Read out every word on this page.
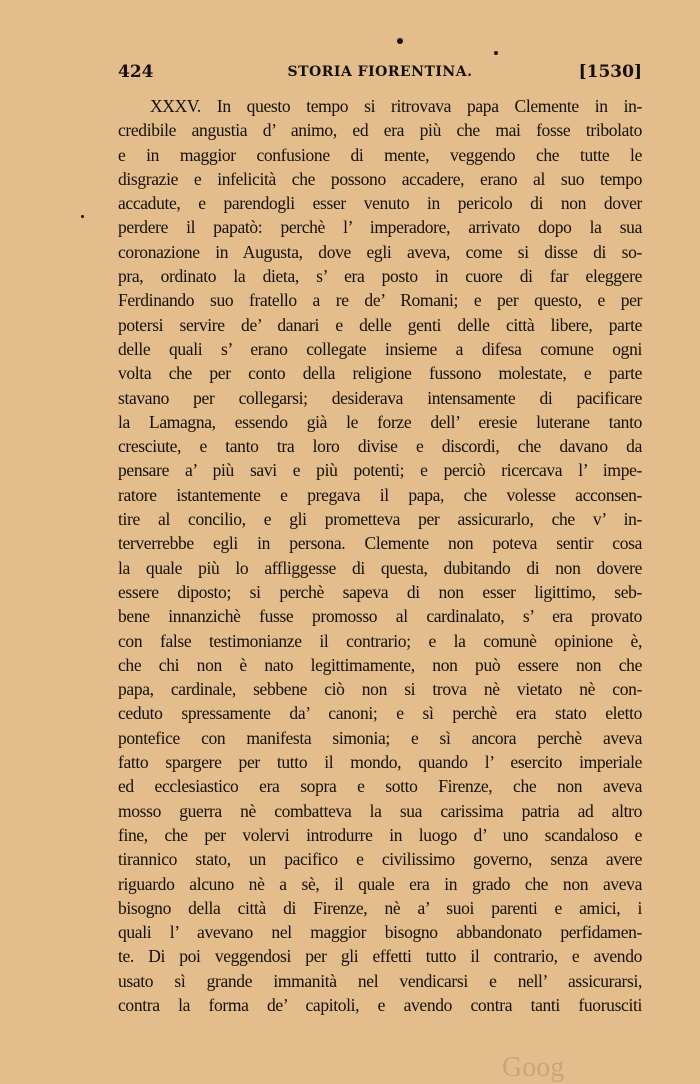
424	STORIA FIORENTINA.	[1530]
XXXV. In questo tempo si ritrovava papa Clemente in in-
credibile angustia d’ animo, ed era più che mai fosse tribolato
e in maggior confusione di mente, veggendo che tutte le
disgrazie e infelicità che possono accadere, erano al suo tempo
accadute, e parendogli esser venuto in pericolo di non dover
perdere il papatò: perchè l’ imperadore, arrivato dopo la sua
coronazione in Augusta, dove egli aveva, come si disse di so-
pra, ordinato la dieta, s’ era posto in cuore di far eleggere
Ferdinando suo fratello a re de’ Romani; e per questo, e per
potersi servire de’ danari e delle genti delle città libere, parte
delle quali s’ erano collegate insieme a difesa comune ogni
volta che per conto della religione fussono molestate, e parte
stavano per collegarsi; desiderava intensamente di pacificare
la Lamagna, essendo già le forze dell’ eresie luterane tanto
cresciute, e tanto tra loro divise e discordi, che davano da
pensare a’ più savi e più potenti; e perciò ricercava l’ impe-
ratore istantemente e pregava il papa, che volesse acconsen-
tire al concilio, e gli prometteva per assicurarlo, che v’ in-
terverrebbe egli in persona. Clemente non poteva sentir cosa
la quale più lo affliggesse di questa, dubitando di non dovere
essere diposto; si perchè sapeva di non esser ligittimo, seb-
bene innanzichè fusse promosso al cardinalato, s’ era provato
con false testimonianze il contrario; e la comunè opinione è,
che chi non è nato legittimamente, non può essere non che
papa, cardinale, sebbene ciò non si trova nè vietato nè con-
ceduto spressamente da’ canoni; e sì perchè era stato eletto
pontefice con manifesta simonia; e sì ancora perchè aveva
fatto spargere per tutto il mondo, quando l’ esercito imperiale
ed ecclesiastico era sopra e sotto Firenze, che non aveva
mosso guerra nè combatteva la sua carissima patria ad altro
fine, che per volervi introdurre in luogo d’ uno scandaloso e
tirannico stato, un pacifico e civilissimo governo, senza avere
riguardo alcuno nè a sè, il quale era in grado che non aveva
bisogno della città di Firenze, nè a’ suoi parenti e amici, i
quali l’ avevano nel maggior bisogno abbandonato perfidamen-
te. Di poi veggendosi per gli effetti tutto il contrario, e avendo
usato sì grande immanità nel vendicarsi e nell’ assicurarsi,
contra la forma de’ capitoli, e avendo contra tanti fuorusciti
Goog
